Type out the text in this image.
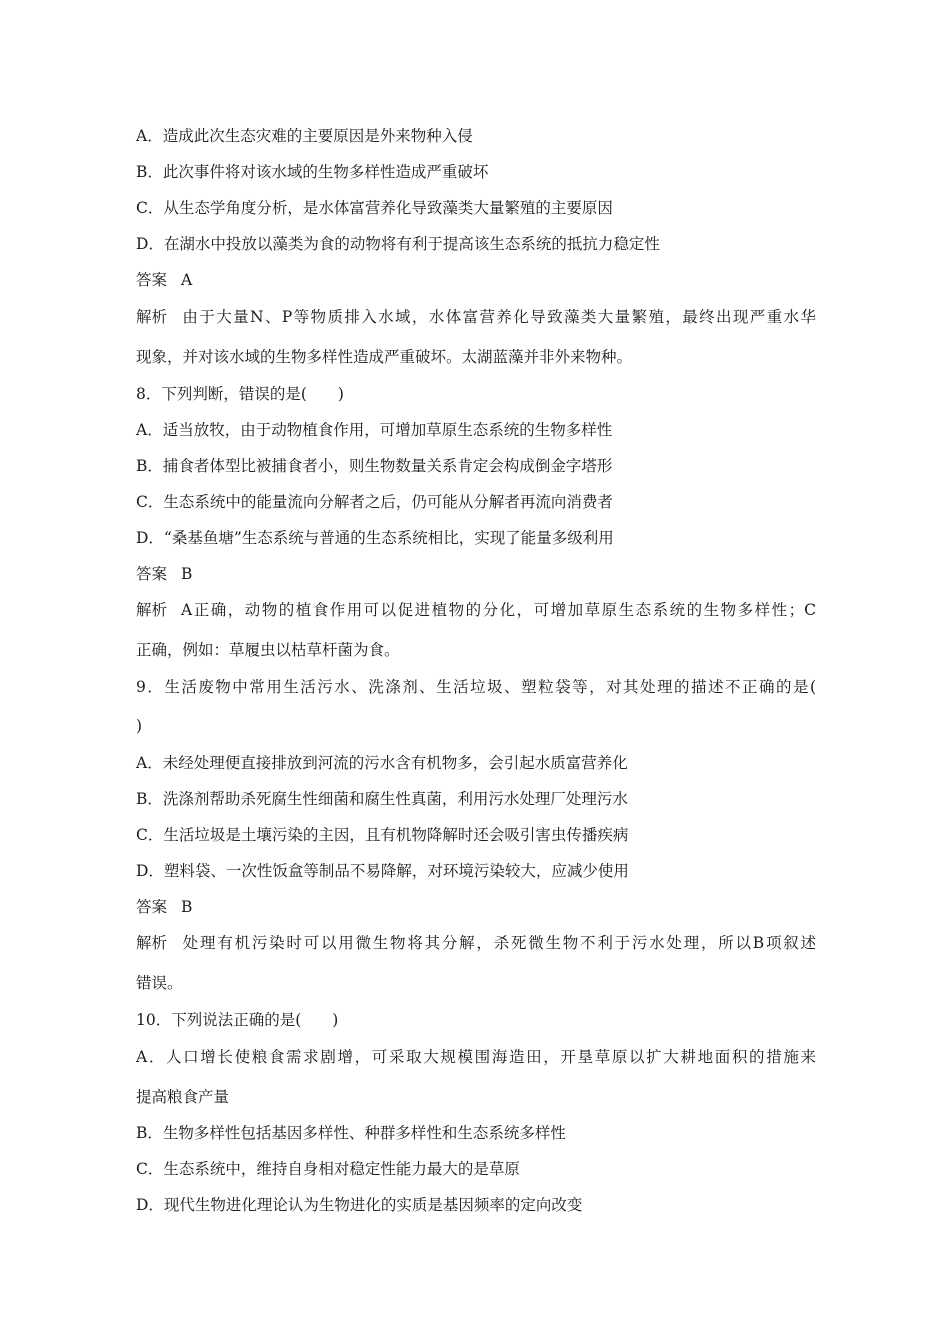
A．造成此次生态灾难的主要原因是外来物种入侵
B．此次事件将对该水域的生物多样性造成严重破坏
C．从生态学角度分析，是水体富营养化导致藻类大量繁殖的主要原因
D．在湖水中投放以藻类为食的动物将有利于提高该生态系统的抵抗力稳定性
答案 A
解析 由于大量N、P等物质排入水域，水体富营养化导致藻类大量繁殖，最终出现严重水华
现象，并对该水域的生物多样性造成严重破坏。太湖蓝藻并非外来物种。
8．下列判断，错误的是(　　)
A．适当放牧，由于动物植食作用，可增加草原生态系统的生物多样性
B．捕食者体型比被捕食者小，则生物数量关系肯定会构成倒金字塔形
C．生态系统中的能量流向分解者之后，仍可能从分解者再流向消费者
D．“桑基鱼塘”生态系统与普通的生态系统相比，实现了能量多级利用
答案 B
解析 A正确，动物的植食作用可以促进植物的分化，可增加草原生态系统的生物多样性；C
正确，例如：草履虫以枯草杆菌为食。
9．生活废物中常用生活污水、洗涤剂、生活垃圾、塑粒袋等，对其处理的描述不正确的是(
)
A．未经处理便直接排放到河流的污水含有机物多，会引起水质富营养化
B．洗涤剂帮助杀死腐生性细菌和腐生性真菌，利用污水处理厂处理污水
C．生活垃圾是土壤污染的主因，且有机物降解时还会吸引害虫传播疾病
D．塑料袋、一次性饭盒等制品不易降解，对环境污染较大，应减少使用
答案 B
解析 处理有机污染时可以用微生物将其分解，杀死微生物不利于污水处理，所以B项叙述
错误。
10．下列说法正确的是(　　)
A．人口增长使粮食需求剧增，可采取大规模围海造田，开垦草原以扩大耕地面积的措施来
提高粮食产量
B．生物多样性包括基因多样性、种群多样性和生态系统多样性
C．生态系统中，维持自身相对稳定性能力最大的是草原
D．现代生物进化理论认为生物进化的实质是基因频率的定向改变
